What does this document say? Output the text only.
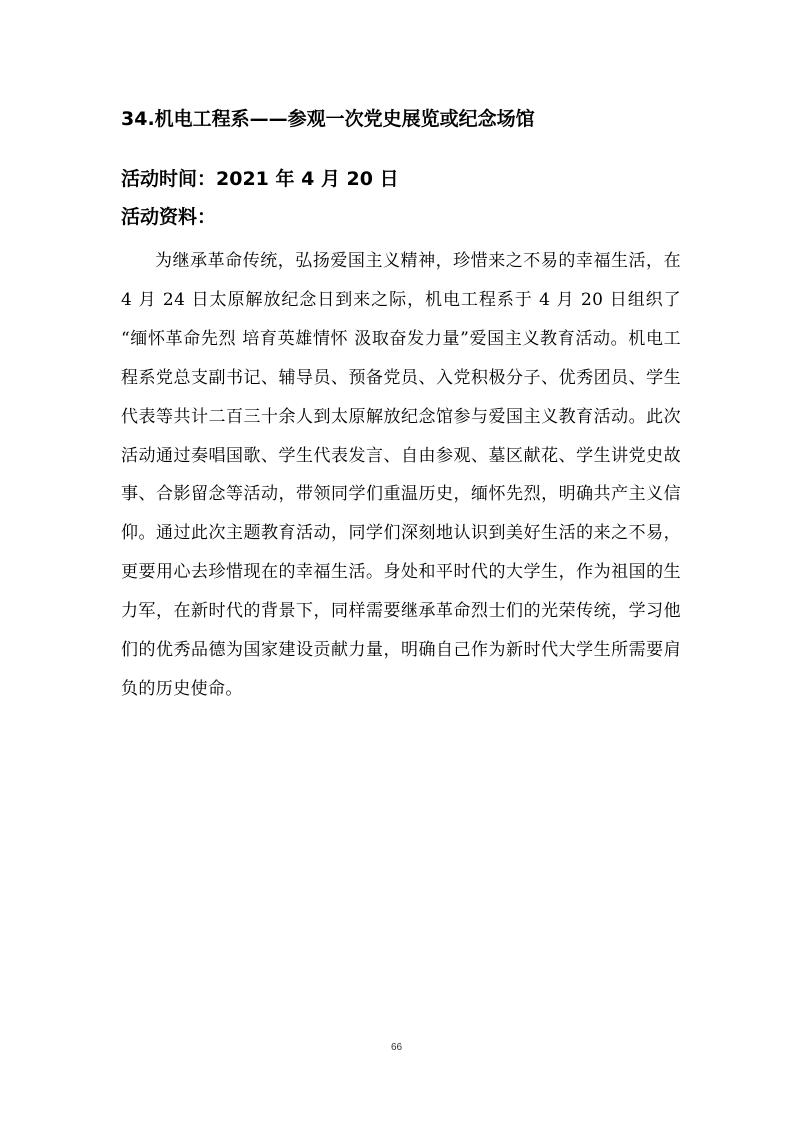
34.机电工程系——参观一次党史展览或纪念场馆
活动时间：2021 年 4 月 20 日
活动资料：
为继承革命传统，弘扬爱国主义精神，珍惜来之不易的幸福生活，在 4 月 24 日太原解放纪念日到来之际，机电工程系于 4 月 20 日组织了 “缅怀革命先烈 培育英雄情怀 汲取奋发力量”爱国主义教育活动。机电工程系党总支副书记、辅导员、预备党员、入党积极分子、优秀团员、学生代表等共计二百三十余人到太原解放纪念馆参与爱国主义教育活动。此次活动通过奏唱国歌、学生代表发言、自由参观、墓区献花、学生讲党史故事、合影留念等活动，带领同学们重温历史，缅怀先烈，明确共产主义信仰。通过此次主题教育活动，同学们深刻地认识到美好生活的来之不易，更要用心去珍惜现在的幸福生活。身处和平时代的大学生，作为祖国的生力军，在新时代的背景下，同样需要继承革命烈士们的光荣传统，学习他们的优秀品德为国家建设贡献力量，明确自己作为新时代大学生所需要肩负的历史使命。
66
